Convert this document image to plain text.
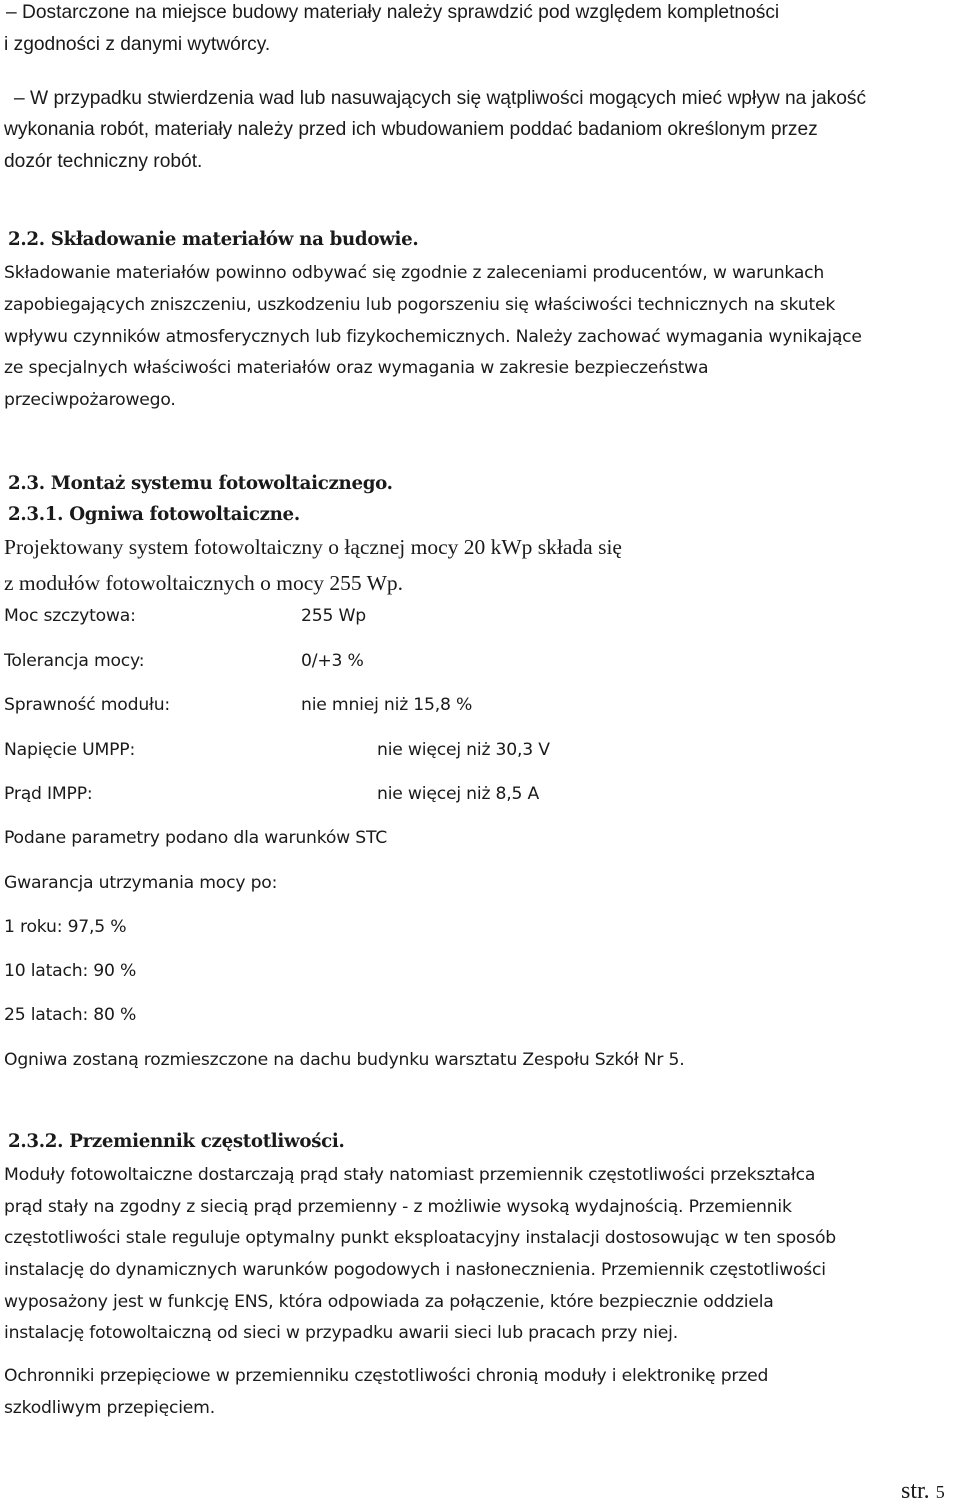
– Dostarczone na miejsce budowy materiały należy sprawdzić pod względem kompletności
i zgodności z danymi wytwórcy.
– W przypadku stwierdzenia wad lub nasuwających się wątpliwości mogących mieć wpływ na jakość
wykonania robót, materiały należy przed ich wbudowaniem poddać badaniom określonym przez
dozór techniczny robót.
2.2. Składowanie materiałów na budowie.
Składowanie materiałów powinno odbywać się zgodnie z zaleceniami producentów, w warunkach
zapobiegających zniszczeniu, uszkodzeniu lub pogorszeniu się właściwości technicznych na skutek
wpływu czynników atmosferycznych lub fizykochemicznych. Należy zachować wymagania wynikające
ze specjalnych właściwości materiałów oraz wymagania w zakresie bezpieczeństwa
przeciwpożarowego.
2.3. Montaż systemu fotowoltaicznego.
2.3.1. Ogniwa fotowoltaiczne.
Projektowany system fotowoltaiczny o łącznej mocy 20 kWp składa się
z modułów fotowoltaicznych o mocy 255 Wp.
Moc szczytowa:	255 Wp
Tolerancja mocy:	0/+3 %
Sprawność modułu:	nie mniej niż 15,8 %
Napięcie UMPP:	nie więcej niż 30,3 V
Prąd IMPP:	nie więcej niż 8,5 A
Podane parametry podano dla warunków STC
Gwarancja utrzymania mocy po:
1 roku: 97,5 %
10 latach: 90 %
25 latach: 80 %
Ogniwa zostaną rozmieszczone na dachu budynku warsztatu Zespołu Szkół Nr 5.
2.3.2. Przemiennik częstotliwości.
Moduły fotowoltaiczne dostarczają prąd stały natomiast przemiennik częstotliwości przekształca
prąd stały na zgodny z siecią prąd przemienny - z możliwie wysoką wydajnością. Przemiennik
częstotliwości stale reguluje optymalny punkt eksploatacyjny instalacji dostosowując w ten sposób
instalację do dynamicznych warunków pogodowych i nasłonecznienia. Przemiennik częstotliwości
wyposażony jest w funkcję ENS, która odpowiada za połączenie, które bezpiecznie oddziela
instalację fotowoltaiczną od sieci w przypadku awarii sieci lub pracach przy niej.
Ochronniki przepięciowe w przemienniku częstotliwości chronią moduły i elektronikę przed
szkodliwym przepięciem.
str. 5
